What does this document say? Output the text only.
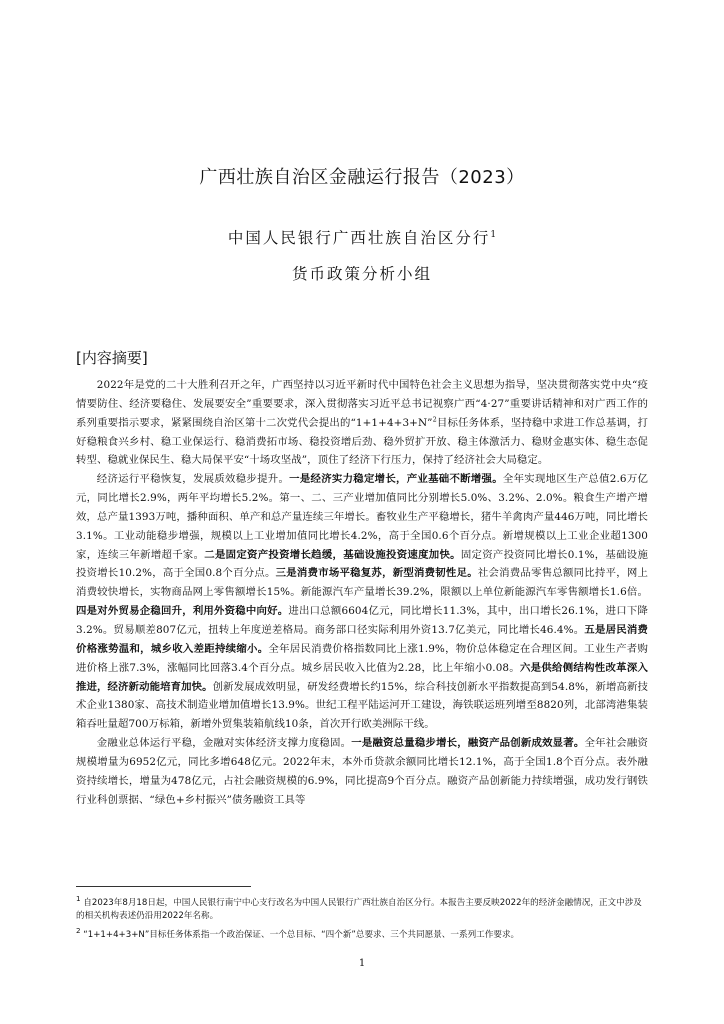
广西壮族自治区金融运行报告（2023）
中国人民银行广西壮族自治区分行$^1$
货币政策分析小组
[内容摘要]

2022年是党的二十大胜利召开之年，广西坚持以习近平新时代中国特色社会主义思想为指导，坚决贯彻落实党中央“疫情要防住、经济要稳住、发展要安全”重要要求，深入贯彻落实习近平总书记视察广西“4·27”重要讲话精神和对广西工作的系列重要指示要求，紧紧围绕自治区第十二次党代会提出的“1+1+4+3+N”$^2$目标任务体系，坚持稳中求进工作总基调，打好稳粮食兴乡村、稳工业保运行、稳消费拓市场、稳投资增后劲、稳外贸扩开放、稳主体激活力、稳财金惠实体、稳生态促转型、稳就业保民生、稳大局保平安“十场攻坚战”，顶住了经济下行压力，保持了经济社会大局稳定。

经济运行平稳恢复，发展质效稳步提升。一是经济实力稳定增长，产业基础不断增强。全年实现地区生产总值2.6万亿元，同比增长2.9%，两年平均增长5.2%。第一、二、三产业增加值同比分别增长5.0%、3.2%、2.0%。粮食生产增产增效，总产量1393万吨，播种面积、单产和总产量连续三年增长。畜牧业生产平稳增长，猪牛羊禽肉产量446万吨，同比增长3.1%。工业动能稳步增强，规模以上工业增加值同比增长4.2%，高于全国0.6个百分点。新增规模以上工业企业超1300家，连续三年新增超千家。二是固定资产投资增长趋缓，基础设施投资速度加快。固定资产投资同比增长0.1%，基础设施投资增长10.2%，高于全国0.8个百分点。三是消费市场平稳复苏，新型消费韧性足。社会消费品零售总额同比持平，网上消费较快增长，实物商品网上零售额增长15%。新能源汽车产量增长39.2%，限额以上单位新能源汽车零售额增长1.6倍。四是对外贸易企稳回升，利用外资稳中向好。进出口总额6604亿元，同比增长11.3%，其中，出口增长26.1%，进口下降3.2%。贸易顺差807亿元，扭转上年度逆差格局。商务部口径实际利用外资13.7亿美元，同比增长46.4%。五是居民消费价格涨势温和，城乡收入差距持续缩小。全年居民消费价格指数同比上涨1.9%，物价总体稳定在合理区间。工业生产者购进价格上涨7.3%，涨幅同比回落3.4个百分点。城乡居民收入比值为2.28，比上年缩小0.08。六是供给侧结构性改革深入推进，经济新动能培育加快。创新发展成效明显，研发经费增长约15%，综合科技创新水平指数提高到54.8%，新增高新技术企业1380家、高技术制造业增加值增长13.9%。世纪工程平陆运河开工建设，海铁联运班列增至8820列，北部湾港集装箱吞吐量超700万标箱，新增外贸集装箱航线10条，首次开行欧美洲际干线。

金融业总体运行平稳，金融对实体经济支撑力度稳固。一是融资总量稳步增长，融资产品创新成效显著。全年社会融资规模增量为6952亿元，同比多增648亿元。2022年末，本外币贷款余额同比增长12.1%，高于全国1.8个百分点。表外融资持续增长，增量为478亿元，占社会融资规模的6.9%，同比提高9个百分点。融资产品创新能力持续增强，成功发行钢铁行业科创票据、“绿色+乡村振兴”债务融资工具等

$^1$ 自2023年8月18日起，中国人民银行南宁中心支行改名为中国人民银行广西壮族自治区分行。本报告主要反映2022年的经济金融情况，正文中涉及的相关机构表述仍沿用2022年名称。

$^2$ “1+1+4+3+N”目标任务体系指一个政治保证、一个总目标、“四个新”总要求、三个共同愿景、一系列工作要求。

1
